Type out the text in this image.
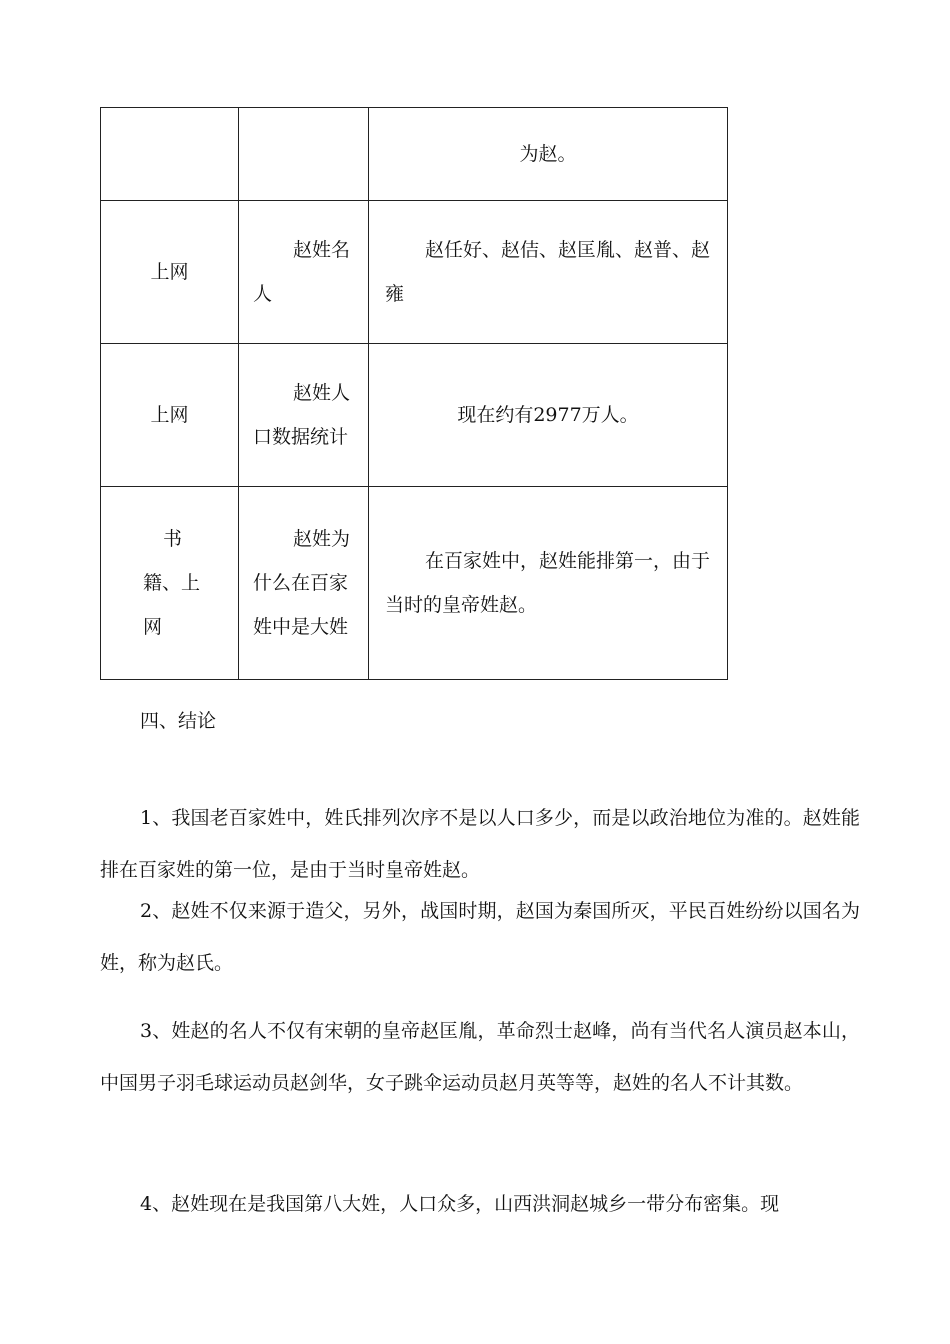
		为赵。

上网	赵姓名人	赵任好、赵佶、赵匡胤、赵普、赵雍

上网	赵姓人口数据统计	现在约有2977万人。

书籍、上网	赵姓为什么在百家姓中是大姓	在百家姓中，赵姓能排第一，由于当时的皇帝姓赵。

四、结论

1、我国老百家姓中，姓氏排列次序不是以人口多少，而是以政治地位为准的。赵姓能排在百家姓的第一位，是由于当时皇帝姓赵。

2、赵姓不仅来源于造父，另外，战国时期，赵国为秦国所灭，平民百姓纷纷以国名为姓，称为赵氏。

3、姓赵的名人不仅有宋朝的皇帝赵匡胤，革命烈士赵峰，尚有当代名人演员赵本山，中国男子羽毛球运动员赵剑华，女子跳伞运动员赵月英等等，赵姓的名人不计其数。

4、赵姓现在是我国第八大姓，人口众多，山西洪洞赵城乡一带分布密集。现
